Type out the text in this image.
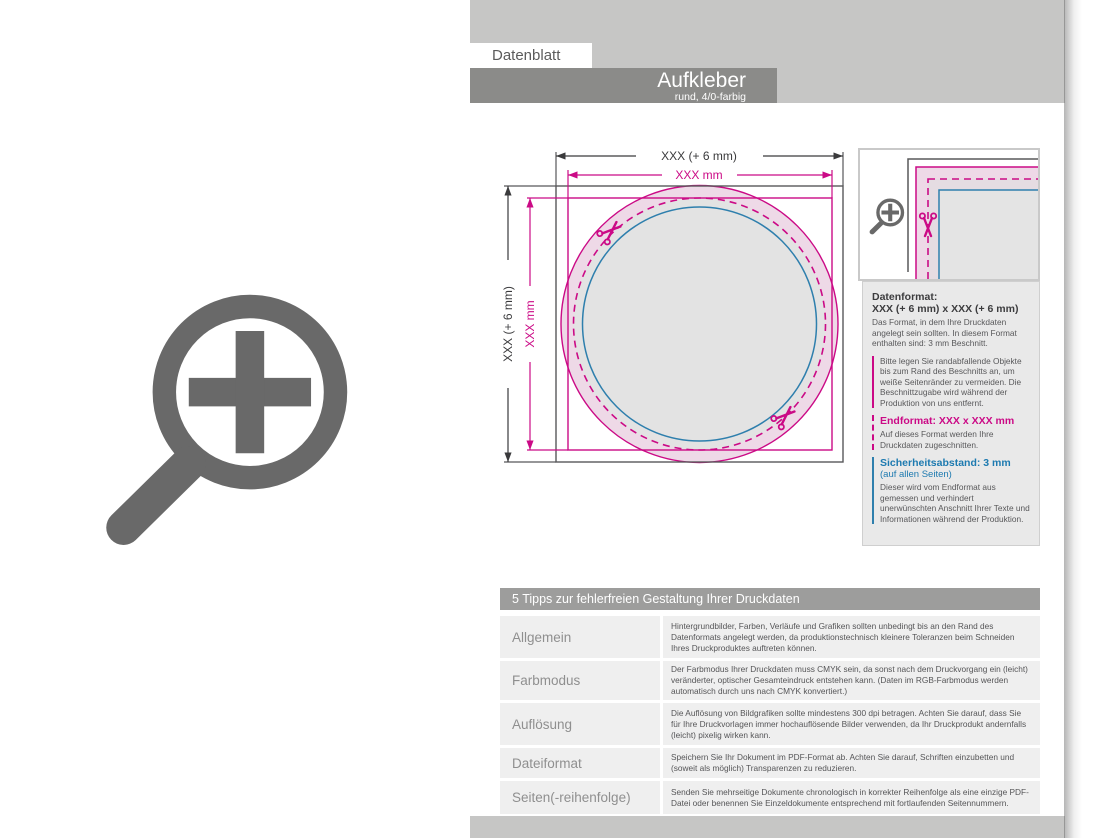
Datenblatt
Aufkleber
rund, 4/0-farbig
XXX (+ 6 mm)
XXX mm
XXX (+ 6 mm) XXX mm
Datenformat:
XXX (+ 6 mm) x XXX (+ 6 mm)
Das Format, in dem Ihre Druckdaten angelegt sein sollten. In diesem Format enthalten sind: 3 mm Beschnitt.
Bitte legen Sie randabfallende Objekte bis zum Rand des Beschnitts an, um weiße Seitenränder zu vermeiden. Die Beschnittzugabe wird während der Produktion von uns entfernt.
Endformat: XXX x XXX mm
Auf dieses Format werden Ihre Druckdaten zugeschnitten.
Sicherheitsabstand: 3 mm
(auf allen Seiten)
Dieser wird vom Endformat aus gemessen und verhindert unerwünschten Anschnitt Ihrer Texte und Informationen während der Produktion.
5 Tipps zur fehlerfreien Gestaltung Ihrer Druckdaten
Allgemein
Hintergrundbilder, Farben, Verläufe und Grafiken sollten unbedingt bis an den Rand des Datenformats angelegt werden, da produktionstechnisch kleinere Toleranzen beim Schneiden Ihres Druckproduktes auftreten können.
Farbmodus
Der Farbmodus Ihrer Druckdaten muss CMYK sein, da sonst nach dem Druckvorgang ein (leicht) veränderter, optischer Gesamteindruck entstehen kann. (Daten im RGB-Farbmodus werden automatisch durch uns nach CMYK konvertiert.)
Auflösung
Die Auflösung von Bildgrafiken sollte mindestens 300 dpi betragen. Achten Sie darauf, dass Sie für Ihre Druckvorlagen immer hochauflösende Bilder verwenden, da Ihr Druckprodukt andernfalls (leicht) pixelig wirken kann.
Dateiformat	Speichern Sie Ihr Dokument im PDF-Format ab. Achten Sie darauf, Schriften einzubetten und (soweit als möglich) Transparenzen zu reduzieren.
Seiten(-reihenfolge)	Senden Sie mehrseitige Dokumente chronologisch in korrekter Reihenfolge als eine einzige PDF-Datei oder benennen Sie Einzeldokumente entsprechend mit fortlaufenden Seitennummern.
